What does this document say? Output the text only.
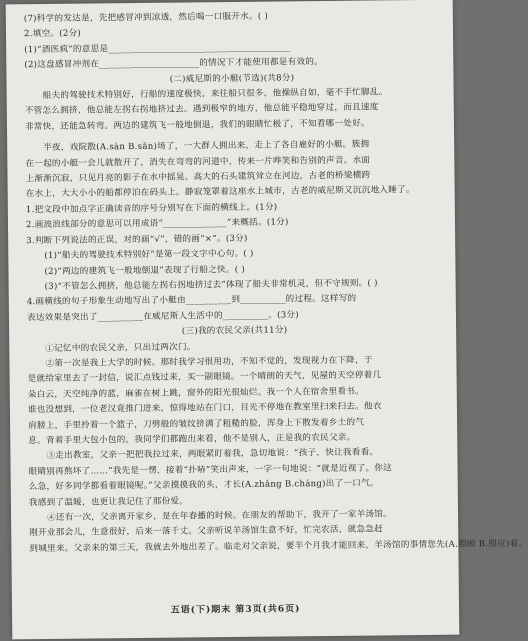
(7)科学的发达是，先把感冒冲到凉透，然后喝一口服开水。( )
2.填空。(2分)
(1)“酒医疯”的意思是________________________________________
(2)这盘感冒冲剂在______________________的情况下才能使用都是有效的。
(二)威尼斯的小艇(节选)(共8分)
船夫的驾驶技术特别好，行船的速度极快，来往船只很多，他操纵自如，毫不手忙脚乱。
不管怎么拥挤，他总能左拐右拐地挤过去。遇到极窄的地方，他总能平稳地穿过，而且速度
非常快，还能急转弯。两边的建筑飞一般地倒退，我们的眼睛忙极了，不知看哪一处好。
半夜，戏院散(A.sàn B.sǎn)场了，一大群人拥出来，走上了各自雇好的小艇。簇拥
在一起的小艇一会儿就散开了，消失在弯弯的河道中，传来一片哗笑和告别的声音。水面
上渐渐沉寂，只见月亮的影子在水中摇晃。高大的石头建筑耸立在河边，古老的桥梁横跨
在水上，大大小小的船都停泊在码头上。静寂笼罩着这座水上城市，古老的威尼斯又沉沉地入睡了。
1.把文段中加点字正确读音的序号分别写在下面的横线上。(1分)
2.画波浪线部分的意思可以用成语“______________”来概括。(1分)
3.判断下列说法的正误，对的画“√”，错的画“×”。(3分)
(1)“船夫的驾驶技术特别好”是第一段文字中心句。( )
(2)“两边的建筑飞一般地倒退”表现了行船之快。( )
(3)“不管怎么拥挤，他总能左拐右拐地挤过去”体现了船夫非常机灵，但不守规则。( )
4.画横线的句子形象生动地写出了小艇由__________到__________的过程。这样写的
表达效果是突出了__________在威尼斯人生活中的__________。(3分)
(三)我的农民父亲(共11分)
①记忆中的农民父亲，只出过两次门。
②第一次是我上大学的时候。那时我学习很用功，不知不觉的，发现视力在下降，于
是就给家里去了一封信，说汇点钱过来，买一副眼镜。一个晴朗的天气，见屋的天空停着几
朵白云，天空纯净的蓝，麻雀在树上跳，窗外的阳光很灿烂。我一个人在宿舍里看书。
谁也没想到，一位老汉竟推门进来，惊得地站在门口，目光不停地在教室里扫来扫去。他衣
肩膀上，手里拎着一个篮子，刀劈般的皱纹挤满了粗糙的脸，浑身上下散发着乡土的气
息。背着手里大包小包的，我同学们都跑出来看，他不是别人，正是我的农民父亲。
③走出教室，父亲一把把我拉过来，两眼紧盯着我，急切地说：“孩子，快让我看看。
眼睛别再熬坏了……”我先是一愣，接着“扑哧”笑出声来，一字一句地说：“就是近视了。你这
么急，好多同学都看着眼镜呢。”父亲摸摸我的头，才长(A.zhǎng B.cháng)出了一口气。
我感到了温暖，也更让我记住了那份爱。
④还有一次，父亲离开家乡，是在年春播的时候。在朋友的帮助下，我开了一家羊汤馆。
刚开业那会儿，生意很好，后来一落千丈。父亲听说羊汤馆生意不好，忙完农活，就急急赶
到城里来。父亲来的第三天，我就去外地出差了。临走对父亲说，要半个月我才能回来，羊汤馆的事情您先(A.照顾 B.照应)着。
五语(下)期末 第3页(共6页)
